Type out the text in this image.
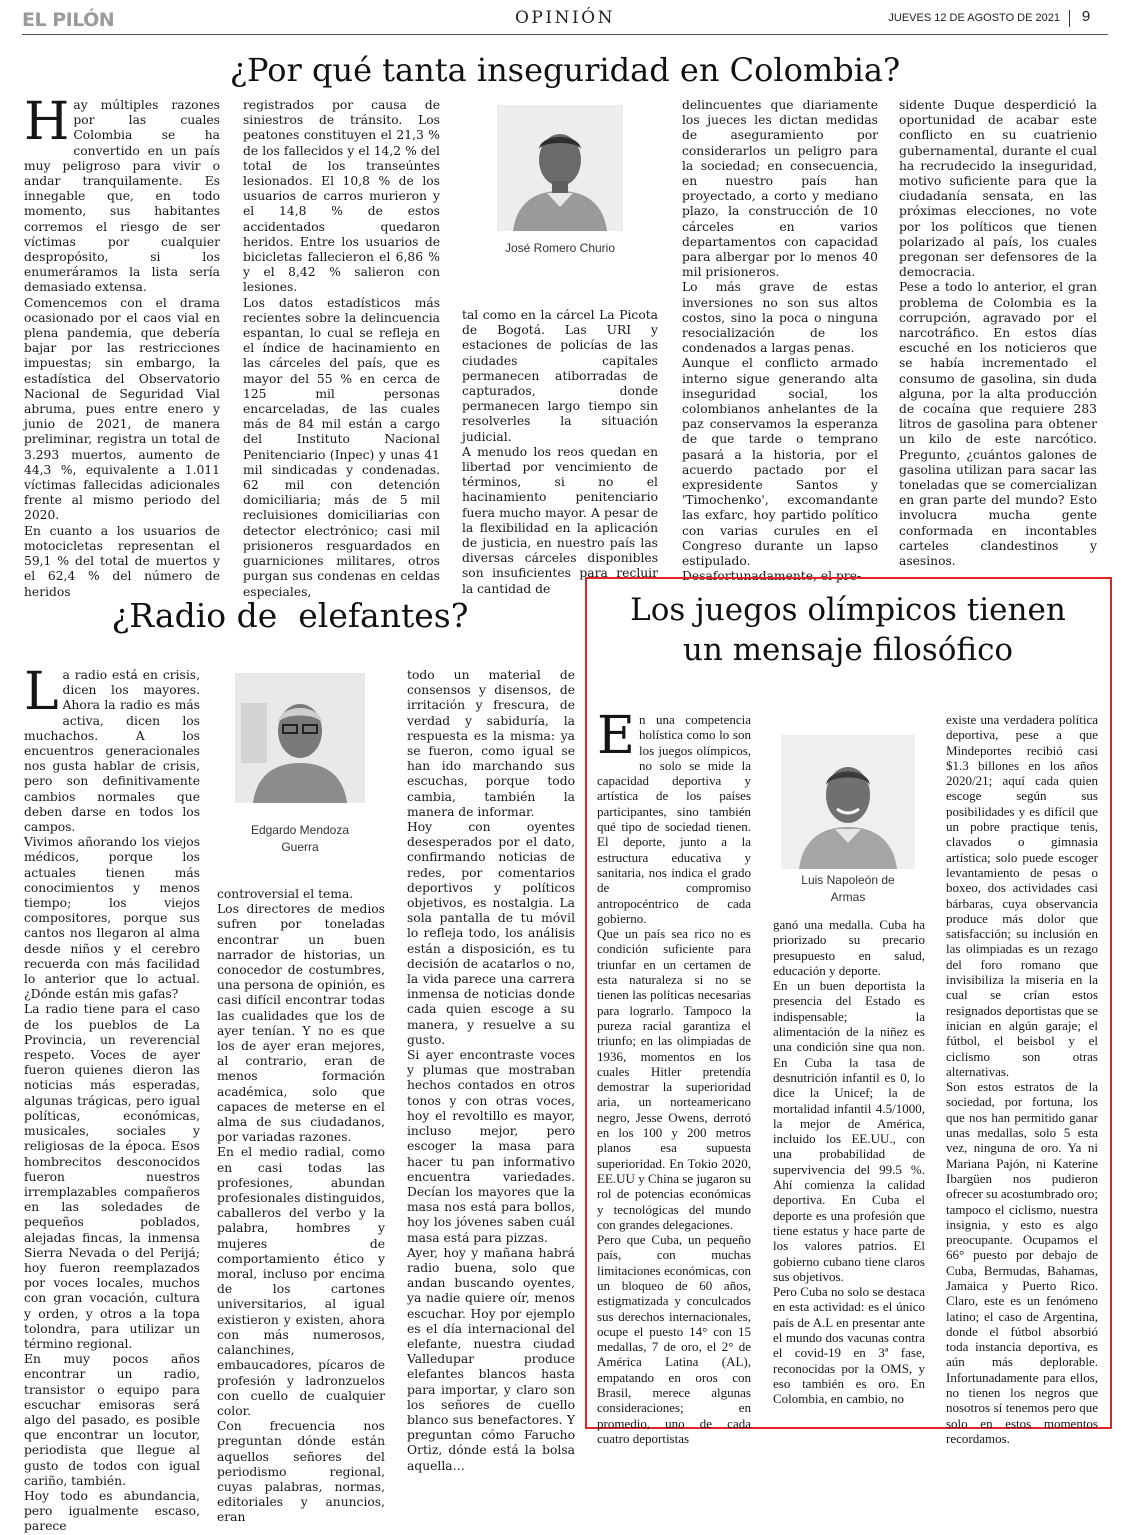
EL PILÓN	OPINIÓN	JUEVES 12 DE AGOSTO DE 2021	9
¿Por qué tanta inseguridad en Colombia?
José Romero Churio
H ay múltiples razones por las cuales Colombia se ha convertido en un país muy peligroso para vivir o andar tranquilamente. Es innegable que, en todo momento, sus habitantes corremos el riesgo de ser víctimas por cualquier despropósito, si los enumeráramos la lista sería demasiado extensa.
Comencemos con el drama ocasionado por el caos vial en plena pandemia, que debería bajar por las restricciones impuestas; sin embargo, la estadística del Observatorio Nacional de Seguridad Vial abruma, pues entre enero y junio de 2021, de manera preliminar, registra un total de 3.293 muertos, aumento de 44,3 %, equivalente a 1.011 víctimas fallecidas adicionales frente al mismo periodo del 2020.
En cuanto a los usuarios de motocicletas representan el 59,1 % del total de muertos y el 62,4 % del número de heridos

registrados por causa de siniestros de tránsito. Los peatones constituyen el 21,3 % de los fallecidos y el 14,2 % del total de los transeúntes lesionados. El 10,8 % de los usuarios de carros murieron y el 14,8 % de estos accidentados quedaron heridos. Entre los usuarios de bicicletas fallecieron el 6,86 % y el 8,42 % salieron con lesiones.
Los datos estadísticos más recientes sobre la delincuencia espantan, lo cual se refleja en el índice de hacinamiento en las cárceles del país, que es mayor del 55 % en cerca de 125 mil personas encarceladas, de las cuales más de 84 mil están a cargo del Instituto Nacional Penitenciario (Inpec) y unas 41 mil sindicadas y condenadas. 62 mil con detención domiciliaria; más de 5 mil recluisiones domiciliarias con detector electrónico; casi mil prisioneros resguardados en guarniciones militares, otros purgan sus condenas en celdas especiales,

tal como en la cárcel La Picota de Bogotá. Las URI y estaciones de policías de las ciudades capitales permanecen atiborradas de capturados, donde permanecen largo tiempo sin resolverles la situación judicial.
A menudo los reos quedan en libertad por vencimiento de términos, si no el hacinamiento penitenciario fuera mucho mayor. A pesar de la flexibilidad en la aplicación de justicia, en nuestro país las diversas cárceles disponibles son insuficientes para recluir la cantidad de

delincuentes que diariamente los jueces les dictan medidas de aseguramiento por considerarlos un peligro para la sociedad; en consecuencia, en nuestro país han proyectado, a corto y mediano plazo, la construcción de 10 cárceles en varios departamentos con capacidad para albergar por lo menos 40 mil prisioneros.
Lo más grave de estas inversiones no son sus altos costos, sino la poca o ninguna resocialización de los condenados a largas penas.
Aunque el conflicto armado interno sigue generando alta inseguridad social, los colombianos anhelantes de la paz conservamos la esperanza de que tarde o temprano pasará a la historia, por el acuerdo pactado por el expresidente Santos y 'Timochenko', excomandante las exfarc, hoy partido político con varias curules en el Congreso durante un lapso estipulado.
Desafortunadamente, el pre-

sidente Duque desperdició la oportunidad de acabar este conflicto en su cuatrienio gubernamental, durante el cual ha recrudecido la inseguridad, motivo suficiente para que la ciudadanía sensata, en las próximas elecciones, no vote por los políticos que tienen polarizado al país, los cuales pregonan ser defensores de la democracia.
Pese a todo lo anterior, el gran problema de Colombia es la corrupción, agravado por el narcotráfico. En estos días escuché en los noticieros que se había incrementado el consumo de gasolina, sin duda alguna, por la alta producción de cocaína que requiere 283 litros de gasolina para obtener un kilo de este narcótico. Pregunto, ¿cuántos galones de gasolina utilizan para sacar las toneladas que se comercializan en gran parte del mundo? Esto involucra mucha gente conformada en incontables carteles clandestinos y asesinos.

¿Radio de  elefantes?
Edgardo Mendoza
Guerra
L a radio está en crisis, dicen los mayores. Ahora la radio es más activa, dicen los muchachos. A los encuentros generacionales nos gusta hablar de crisis, pero son definitivamente cambios normales que deben darse en todos los campos.
Vivimos añorando los viejos médicos, porque los actuales tienen más conocimientos y menos tiempo; los viejos compositores, porque sus cantos nos llegaron al alma desde niños y el cerebro recuerda con más facilidad lo anterior que lo actual. ¿Dónde están mis gafas?
La radio tiene para el caso de los pueblos de La Provincia, un reverencial respeto. Voces de ayer fueron quienes dieron las noticias más esperadas, algunas trágicas, pero igual políticas, económicas, musicales, sociales y religiosas de la época. Esos hombrecitos desconocidos fueron nuestros irremplazables compañeros en las soledades de pequeños poblados, alejadas fincas, la inmensa Sierra Nevada o del Perijá; hoy fueron reemplazados por voces locales, muchos con gran vocación, cultura y orden, y otros a la topa tolondra, para utilizar un término regional.
En muy pocos años encontrar un radio, transistor o equipo para escuchar emisoras será algo del pasado, es posible que encontrar un locutor, periodista que llegue al gusto de todos con igual cariño, también.
Hoy todo es abundancia, pero igualmente escaso, parece

controversial el tema.
Los directores de medios sufren por toneladas encontrar un buen narrador de historias, un conocedor de costumbres, una persona de opinión, es casi difícil encontrar todas las cualidades que los de ayer tenían. Y no es que los de ayer eran mejores, al contrario, eran de menos formación académica, solo que capaces de meterse en el alma de sus ciudadanos, por variadas razones.
En el medio radial, como en casi todas las profesiones, abundan profesionales distinguidos, caballeros del verbo y la palabra, hombres y mujeres de comportamiento ético y moral, incluso por encima de los cartones universitarios, al igual existieron y existen, ahora con más numerosos, calanchines, embaucadores, pícaros de profesión y ladronzuelos con cuello de cualquier color.
Con frecuencia nos preguntan dónde están aquellos señores del periodismo regional, cuyas palabras, normas, editoriales y anuncios, eran

todo un material de consensos y disensos, de irritación y frescura, de verdad y sabiduría, la respuesta es la misma: ya se fueron, como igual se han ido marchando sus escuchas, porque todo cambia, también la manera de informar.
Hoy con oyentes desesperados por el dato, confirmando noticias de redes, por comentarios deportivos y políticos objetivos, es nostalgia. La sola pantalla de tu móvil lo refleja todo, los análisis están a disposición, es tu decisión de acatarlos o no, la vida parece una carrera inmensa de noticias donde cada quien escoge a su manera, y resuelve a su gusto.
Si ayer encontraste voces y plumas que mostraban hechos contados en otros tonos y con otras voces, hoy el revoltillo es mayor, incluso mejor, pero escoger la masa para hacer tu pan informativo encuentra variedades. Decían los mayores que la masa nos está para bollos, hoy los jóvenes saben cuál masa está para pizzas.
Ayer, hoy y mañana habrá radio buena, solo que andan buscando oyentes, ya nadie quiere oír, menos escuchar. Hoy por ejemplo es el día internacional del elefante, nuestra ciudad Valledupar produce elefantes blancos hasta para importar, y claro son los señores de cuello blanco sus benefactores. Y preguntan cómo Farucho Ortiz, dónde está la bolsa aquella…

Los juegos olímpicos tienen
un mensaje filosófico
Luis Napoleón de
Armas
E n una competencia holística como lo son los juegos olímpicos, no solo se mide la capacidad deportiva y artística de los países participantes, sino también qué tipo de sociedad tienen. El deporte, junto a la estructura educativa y sanitaria, nos indica el grado de compromiso antropocéntrico de cada gobierno.
Que un país sea rico no es condición suficiente para triunfar en un certamen de esta naturaleza si no se tienen las políticas necesarias para lograrlo. Tampoco la pureza racial garantiza el triunfo; en las olimpiadas de 1936, momentos en los cuales Hitler pretendía demostrar la superioridad aria, un norteamericano negro, Jesse Owens, derrotó en los 100 y 200 metros planos esa supuesta superioridad. En Tokio 2020, EE.UU y China se jugaron su rol de potencias económicas y tecnológicas del mundo con grandes delegaciones.
Pero que Cuba, un pequeño país, con muchas limitaciones económicas, con un bloqueo de 60 años, estigmatizada y conculcados sus derechos internacionales, ocupe el puesto 14° con 15 medallas, 7 de oro, el 2° de América Latina (AL), empatando en oros con Brasil, merece algunas consideraciones; en promedio, uno de cada cuatro deportistas

ganó una medalla. Cuba ha priorizado su precario presupuesto en salud, educación y deporte.
En un buen deportista la presencia del Estado es indispensable; la alimentación de la niñez es una condición sine qua non. En Cuba la tasa de desnutrición infantil es 0, lo dice la Unicef; la de mortalidad infantil 4.5/1000, la mejor de América, incluido los EE.UU., con una probabilidad de supervivencia del 99.5 %. Ahí comienza la calidad deportiva. En Cuba el deporte es una profesión que tiene estatus y hace parte de los valores patrios. El gobierno cubano tiene claros sus objetivos.
Pero Cuba no solo se destaca en esta actividad: es el único país de A.L en presentar ante el mundo dos vacunas contra el covid-19 en 3ª fase, reconocidas por la OMS, y eso también es oro. En Colombia, en cambio, no

existe una verdadera política deportiva, pese a que Mindeportes recibió casi $1.3 billones en los años 2020/21; aquí cada quien escoge según sus posibilidades y es difícil que un pobre practique tenis, clavados o gimnasia artística; solo puede escoger levantamiento de pesas o boxeo, dos actividades casi bárbaras, cuya observancia produce más dolor que satisfacción; su inclusión en las olimpiadas es un rezago del foro romano que invisibiliza la miseria en la cual se crían estos resignados deportistas que se inician en algún garaje; el fútbol, el beisbol y el ciclismo son otras alternativas.
Son estos estratos de la sociedad, por fortuna, los que nos han permitido ganar unas medallas, solo 5 esta vez, ninguna de oro. Ya ni Mariana Pajón, ni Katerine Ibargüen nos pudieron ofrecer su acostumbrado oro; tampoco el ciclismo, nuestra insignia, y esto es algo preocupante. Ocupamos el 66° puesto por debajo de Cuba, Bermudas, Bahamas, Jamaica y Puerto Rico. Claro, este es un fenómeno latino; el caso de Argentina, donde el fútbol absorbió toda instancia deportiva, es aún más deplorable. Infortunadamente para ellos, no tienen los negros que nosotros sí tenemos pero que solo en estos momentos recordamos.
